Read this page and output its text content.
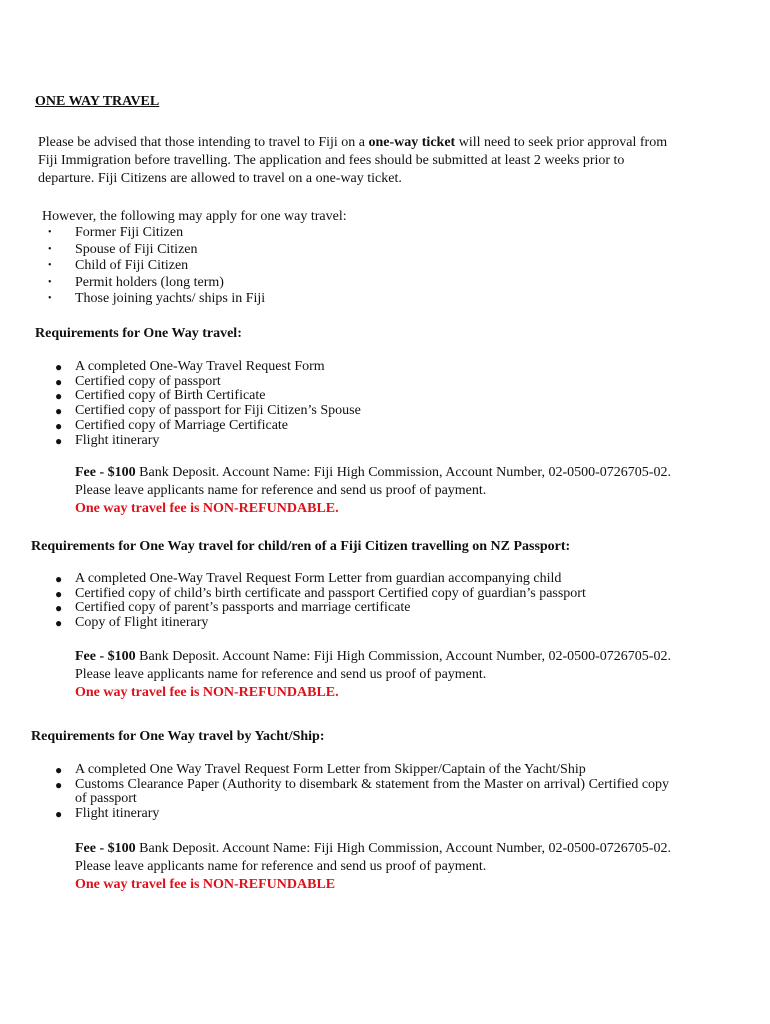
ONE WAY TRAVEL
Please be advised that those intending to travel to Fiji on a one-way ticket will need to seek prior approval from
Fiji Immigration before travelling. The application and fees should be submitted at least 2 weeks prior to
departure. Fiji Citizens are allowed to travel on a one-way ticket.
However, the following may apply for one way travel:
• Former Fiji Citizen
• Spouse of Fiji Citizen
• Child of Fiji Citizen
• Permit holders (long term)
• Those joining yachts/ ships in Fiji
Requirements for One Way travel:
● A completed One-Way Travel Request Form
● Certified copy of passport
● Certified copy of Birth Certificate
● Certified copy of passport for Fiji Citizen’s Spouse
● Certified copy of Marriage Certificate
● Flight itinerary
Fee - $100 Bank Deposit. Account Name: Fiji High Commission, Account Number, 02-0500-0726705-02.
Please leave applicants name for reference and send us proof of payment.
One way travel fee is NON-REFUNDABLE.
Requirements for One Way travel for child/ren of a Fiji Citizen travelling on NZ Passport:
● A completed One-Way Travel Request Form Letter from guardian accompanying child
● Certified copy of child’s birth certificate and passport Certified copy of guardian’s passport
● Certified copy of parent’s passports and marriage certificate
● Copy of Flight itinerary
Fee - $100 Bank Deposit. Account Name: Fiji High Commission, Account Number, 02-0500-0726705-02.
Please leave applicants name for reference and send us proof of payment.
One way travel fee is NON-REFUNDABLE.
Requirements for One Way travel by Yacht/Ship:
● A completed One Way Travel Request Form Letter from Skipper/Captain of the Yacht/Ship
● Customs Clearance Paper (Authority to disembark & statement from the Master on arrival) Certified copy
of passport
● Flight itinerary
Fee - $100 Bank Deposit. Account Name: Fiji High Commission, Account Number, 02-0500-0726705-02.
Please leave applicants name for reference and send us proof of payment.
One way travel fee is NON-REFUNDABLE
